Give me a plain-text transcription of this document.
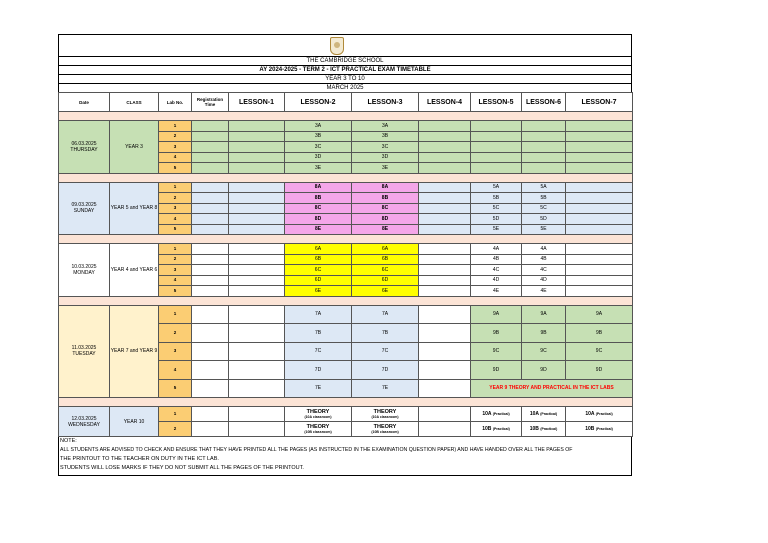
THE CAMBRIDGE SCHOOL
AY 2024-2025 - TERM 2 - ICT PRACTICAL EXAM TIMETABLE
YEAR 3 TO 10
MARCH 2025
Date	CLASS	Lab No.	Registration Time	LESSON-1	LESSON-2	LESSON-3	LESSON-4	LESSON-5	LESSON-6	LESSON-7

06.03.2025
THURSDAY	YEAR 3	1			3A	3A				
		2			3B	3B				
		3			3C	3C				
		4			3D	3D				
		5			3E	3E				

09.03.2025
SUNDAY	YEAR 5 and YEAR 8	1			8A	8A		5A	5A	
		2			8B	8B		5B	5B	
		3			8C	8C		5C	5C	
		4			8D	8D		5D	5D	
		5			8E	8E		5E	5E	

10.03.2025
MONDAY	YEAR 4 and YEAR 6	1			6A	6A		4A	4A	
		2			6B	6B		4B	4B	
		3			6C	6C		4C	4C	
		4			6D	6D		4D	4D	
		5			6E	6E		4E	4E	

11.03.2025
TUESDAY	YEAR 7 and YEAR 9	1			7A	7A		9A	9A	9A
		2			7B	7B		9B	9B	9B
		3			7C	7C		9C	9C	9C
		4			7D	7D		9D	9D	9D
		5			7E	7E		YEAR 9 THEORY AND PRACTICAL IN THE ICT LABS		

12.03.2025
WEDNESDAY	YEAR 10	1			THEORY
(10A classroom)	THEORY
(10A classroom)		10A (Practical)	10A (Practical)	10A (Practical)
		2			THEORY
(10B classroom)	THEORY
(10B classroom)		10B (Practical)	10B (Practical)	10B (Practical)
NOTE:
ALL STUDENTS ARE ADVISED TO CHECK AND ENSURE THAT THEY HAVE PRINTED ALL THE PAGES (AS INSTRUCTED IN THE EXAMINATION QUESTION PAPER) AND HAVE HANDED OVER ALL THE PAGES OF
THE PRINTOUT TO THE TEACHER ON DUTY IN THE ICT LAB.
STUDENTS WILL LOSE MARKS IF THEY DO NOT SUBMIT ALL THE PAGES OF THE PRINTOUT.
